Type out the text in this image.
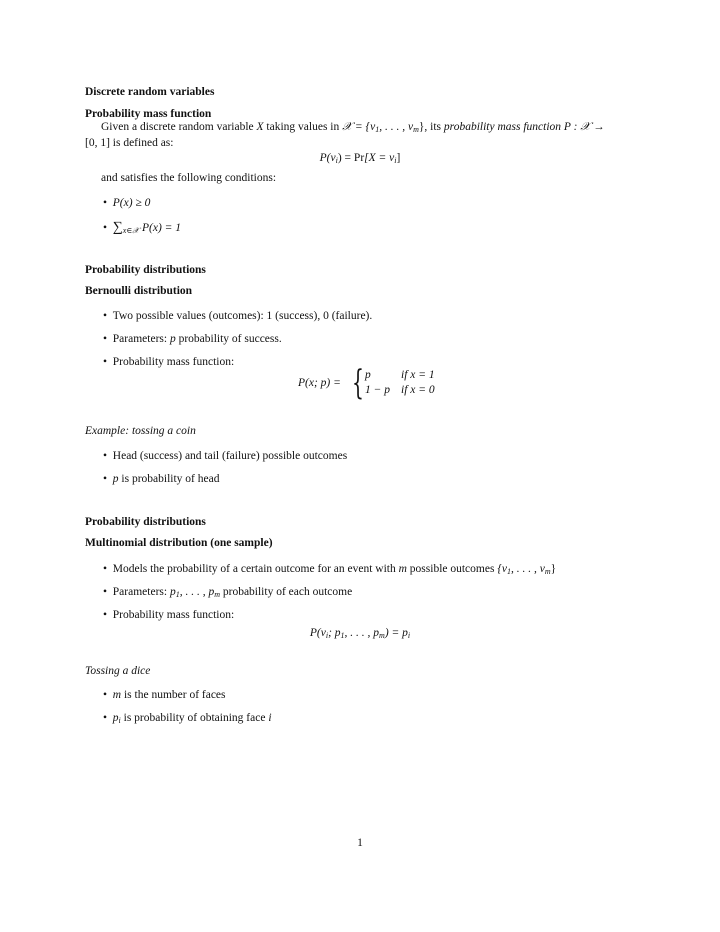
Discrete random variables
Probability mass function
Given a discrete random variable X taking values in 𝒳 = {$v_1$, . . . , $v_m$}, its probability mass function P : 𝒳 →
[0, 1] is defined as:
$P(v_i) = Pr[X = v_i]$
and satisfies the following conditions:
• P(x) ≥ 0
• $\sum_{x\in 𝒳}$ P(x) = 1
Probability distributions
Bernoulli distribution
• Two possible values (outcomes): 1 (success), 0 (failure).
• Parameters: p probability of success.
• Probability mass function:
P(x; p) = { p	if x = 1
1 − p if x = 0
Example: tossing a coin
• Head (success) and tail (failure) possible outcomes
• p is probability of head
Probability distributions
Multinomial distribution (one sample)
• Models the probability of a certain outcome for an event with m possible outcomes {$v_1$, . . . , $v_m$}
• Parameters: $p_1$, . . . , $p_m$ probability of each outcome
• Probability mass function:
$P(v_i$; $p_1$, . . . , $p_m) = p_i$
Tossing a dice
• m is the number of faces
• $p_i$ is probability of obtaining face i
1
